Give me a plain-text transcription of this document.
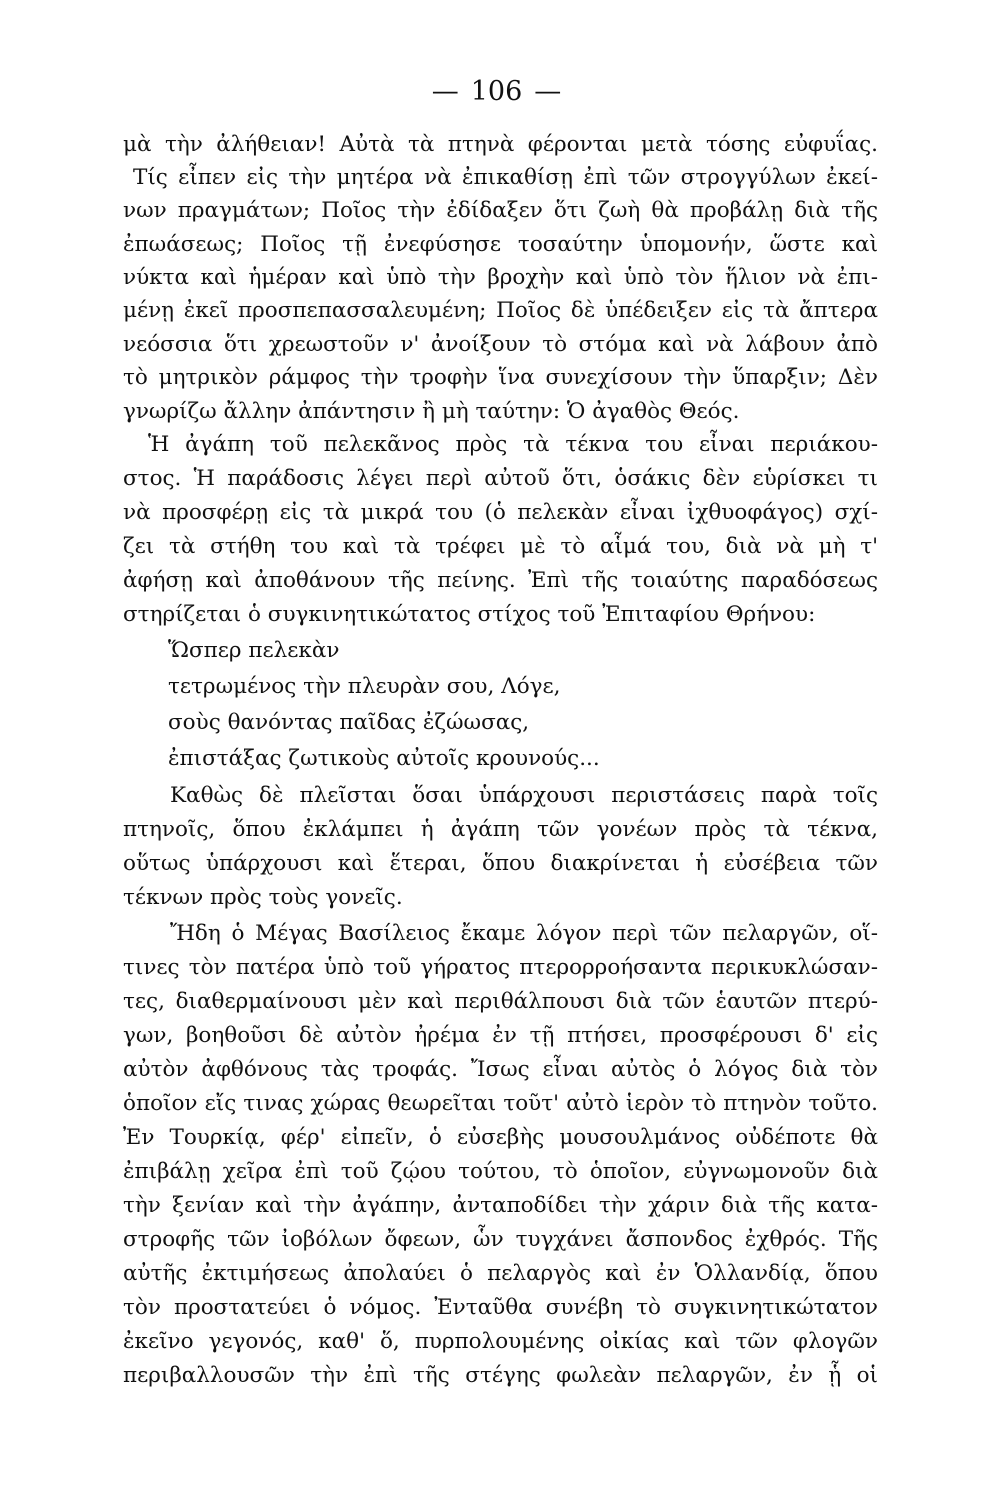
— 106 —
μὰ τὴν ἀλήθειαν! Αὐτὰ τὰ πτηνὰ φέρονται μετὰ τόσης εὐφυΐας.
Τίς εἶπεν εἰς τὴν μητέρα νὰ ἐπικαθίσῃ ἐπὶ τῶν στρογγύλων ἐκεί-
νων πραγμάτων; Ποῖος τὴν ἐδίδαξεν ὅτι ζωὴ θὰ προβάλῃ διὰ τῆς
ἐπωάσεως; Ποῖος τῇ ἐνεφύσησε τοσαύτην ὑπομονήν, ὥστε καὶ
νύκτα καὶ ἡμέραν καὶ ὑπὸ τὴν βροχὴν καὶ ὑπὸ τὸν ἥλιον νὰ ἐπι-
μένῃ ἐκεῖ προσπεπασσαλευμένη; Ποῖος δὲ ὑπέδειξεν εἰς τὰ ἄπτερα
νεόσσια ὅτι χρεωστοῦν ν' ἀνοίξουν τὸ στόμα καὶ νὰ λάβουν ἀπὸ
τὸ μητρικὸν ράμφος τὴν τροφὴν ἵνα συνεχίσουν τὴν ὕπαρξιν; Δὲν
γνωρίζω ἄλλην ἀπάντησιν ἢ μὴ ταύτην: Ὁ ἀγαθὸς Θεός.
Ἡ ἀγάπη τοῦ πελεκᾶνος πρὸς τὰ τέκνα του εἶναι περιάκου-
στος. Ἡ παράδοσις λέγει περὶ αὐτοῦ ὅτι, ὁσάκις δὲν εὑρίσκει τι
νὰ προσφέρῃ εἰς τὰ μικρά του (ὁ πελεκὰν εἶναι ἰχθυοφάγος) σχί-
ζει τὰ στήθη του καὶ τὰ τρέφει μὲ τὸ αἷμά του, διὰ νὰ μὴ τ'
ἀφήσῃ καὶ ἀποθάνουν τῆς πείνης. Ἐπὶ τῆς τοιαύτης παραδόσεως
στηρίζεται ὁ συγκινητικώτατος στίχος τοῦ Ἐπιταφίου Θρήνου:
Ὥσπερ πελεκὰν
τετρωμένος τὴν πλευρὰν σου, Λόγε,
σοὺς θανόντας παῖδας ἐζώωσας,
ἐπιστάξας ζωτικοὺς αὐτοῖς κρουνούς...
Καθὼς δὲ πλεῖσται ὅσαι ὑπάρχουσι περιστάσεις παρὰ τοῖς
πτηνοῖς, ὅπου ἐκλάμπει ἡ ἀγάπη τῶν γονέων πρὸς τὰ τέκνα,
οὕτως ὑπάρχουσι καὶ ἕτεραι, ὅπου διακρίνεται ἡ εὐσέβεια τῶν
τέκνων πρὸς τοὺς γονεῖς.
Ἤδη ὁ Μέγας Βασίλειος ἔκαμε λόγον περὶ τῶν πελαργῶν, οἵ-
τινες τὸν πατέρα ὑπὸ τοῦ γήρατος πτερορροήσαντα περικυκλώσαν-
τες, διαθερμαίνουσι μὲν καὶ περιθάλπουσι διὰ τῶν ἑαυτῶν πτερύ-
γων, βοηθοῦσι δὲ αὐτὸν ἠρέμα ἐν τῇ πτήσει, προσφέρουσι δ' εἰς
αὐτὸν ἀφθόνους τὰς τροφάς. Ἴσως εἶναι αὐτὸς ὁ λόγος διὰ τὸν
ὁποῖον εἴς τινας χώρας θεωρεῖται τοῦτ' αὐτὸ ἱερὸν τὸ πτηνὸν τοῦτο.
Ἐν Τουρκίᾳ, φέρ' εἰπεῖν, ὁ εὐσεβὴς μουσουλμάνος οὐδέποτε θὰ
ἐπιβάλῃ χεῖρα ἐπὶ τοῦ ζῴου τούτου, τὸ ὁποῖον, εὐγνωμονοῦν διὰ
τὴν ξενίαν καὶ τὴν ἀγάπην, ἀνταποδίδει τὴν χάριν διὰ τῆς κατα-
στροφῆς τῶν ἰοβόλων ὄφεων, ὧν τυγχάνει ἄσπονδος ἐχθρός. Τῆς
αὐτῆς ἐκτιμήσεως ἀπολαύει ὁ πελαργὸς καὶ ἐν Ὁλλανδίᾳ, ὅπου
τὸν προστατεύει ὁ νόμος. Ἐνταῦθα συνέβη τὸ συγκινητικώτατον
ἐκεῖνο γεγονός, καθ' ὅ, πυρπολουμένης οἰκίας καὶ τῶν φλογῶν
περιβαλλουσῶν τὴν ἐπὶ τῆς στέγης φωλεὰν πελαργῶν, ἐν ᾗ οἱ
